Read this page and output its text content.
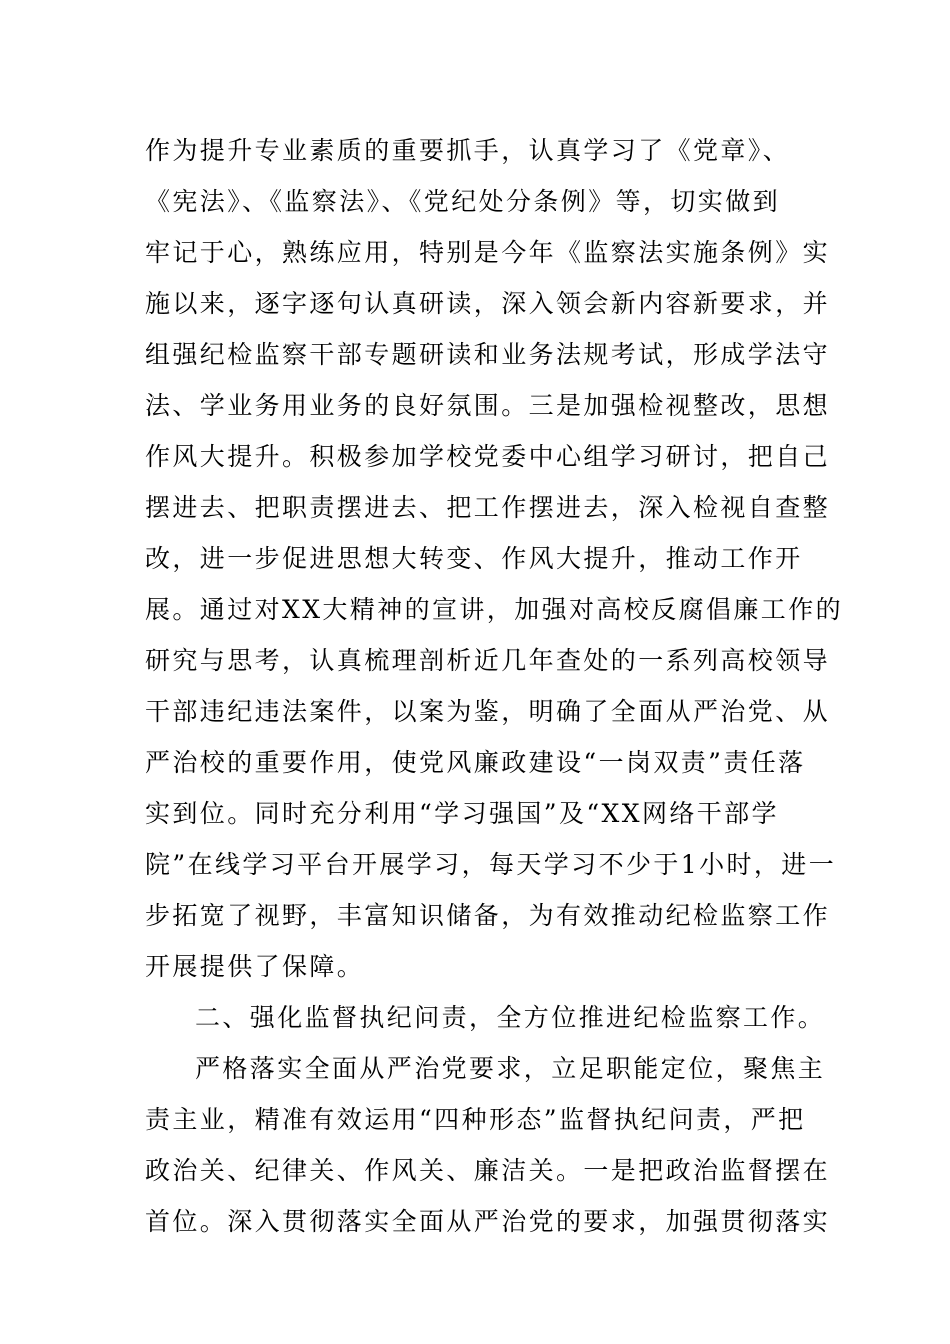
作为提升专业素质的重要抓手，认真学习了《党章》、
《宪法》、《监察法》、《党纪处分条例》等，切实做到
牢记于心，熟练应用，特别是今年《监察法实施条例》实
施以来，逐字逐句认真研读，深入领会新内容新要求，并
组强纪检监察干部专题研读和业务法规考试，形成学法守
法、学业务用业务的良好氛围。三是加强检视整改，思想
作风大提升。积极参加学校党委中心组学习研讨，把自己
摆进去、把职责摆进去、把工作摆进去，深入检视自查整
改，进一步促进思想大转变、作风大提升，推动工作开
展。通过对XX大精神的宣讲，加强对高校反腐倡廉工作的
研究与思考，认真梳理剖析近几年查处的一系列高校领导
干部违纪违法案件，以案为鉴，明确了全面从严治党、从
严治校的重要作用，使党风廉政建设“一岗双责”责任落
实到位。同时充分利用“学习强国”及“XX网络干部学
院”在线学习平台开展学习，每天学习不少于1小时，进一
步拓宽了视野，丰富知识储备，为有效推动纪检监察工作
开展提供了保障。
二、强化监督执纪问责，全方位推进纪检监察工作。
严格落实全面从严治党要求，立足职能定位，聚焦主
责主业，精准有效运用“四种形态”监督执纪问责，严把
政治关、纪律关、作风关、廉洁关。一是把政治监督摆在
首位。深入贯彻落实全面从严治党的要求，加强贯彻落实
